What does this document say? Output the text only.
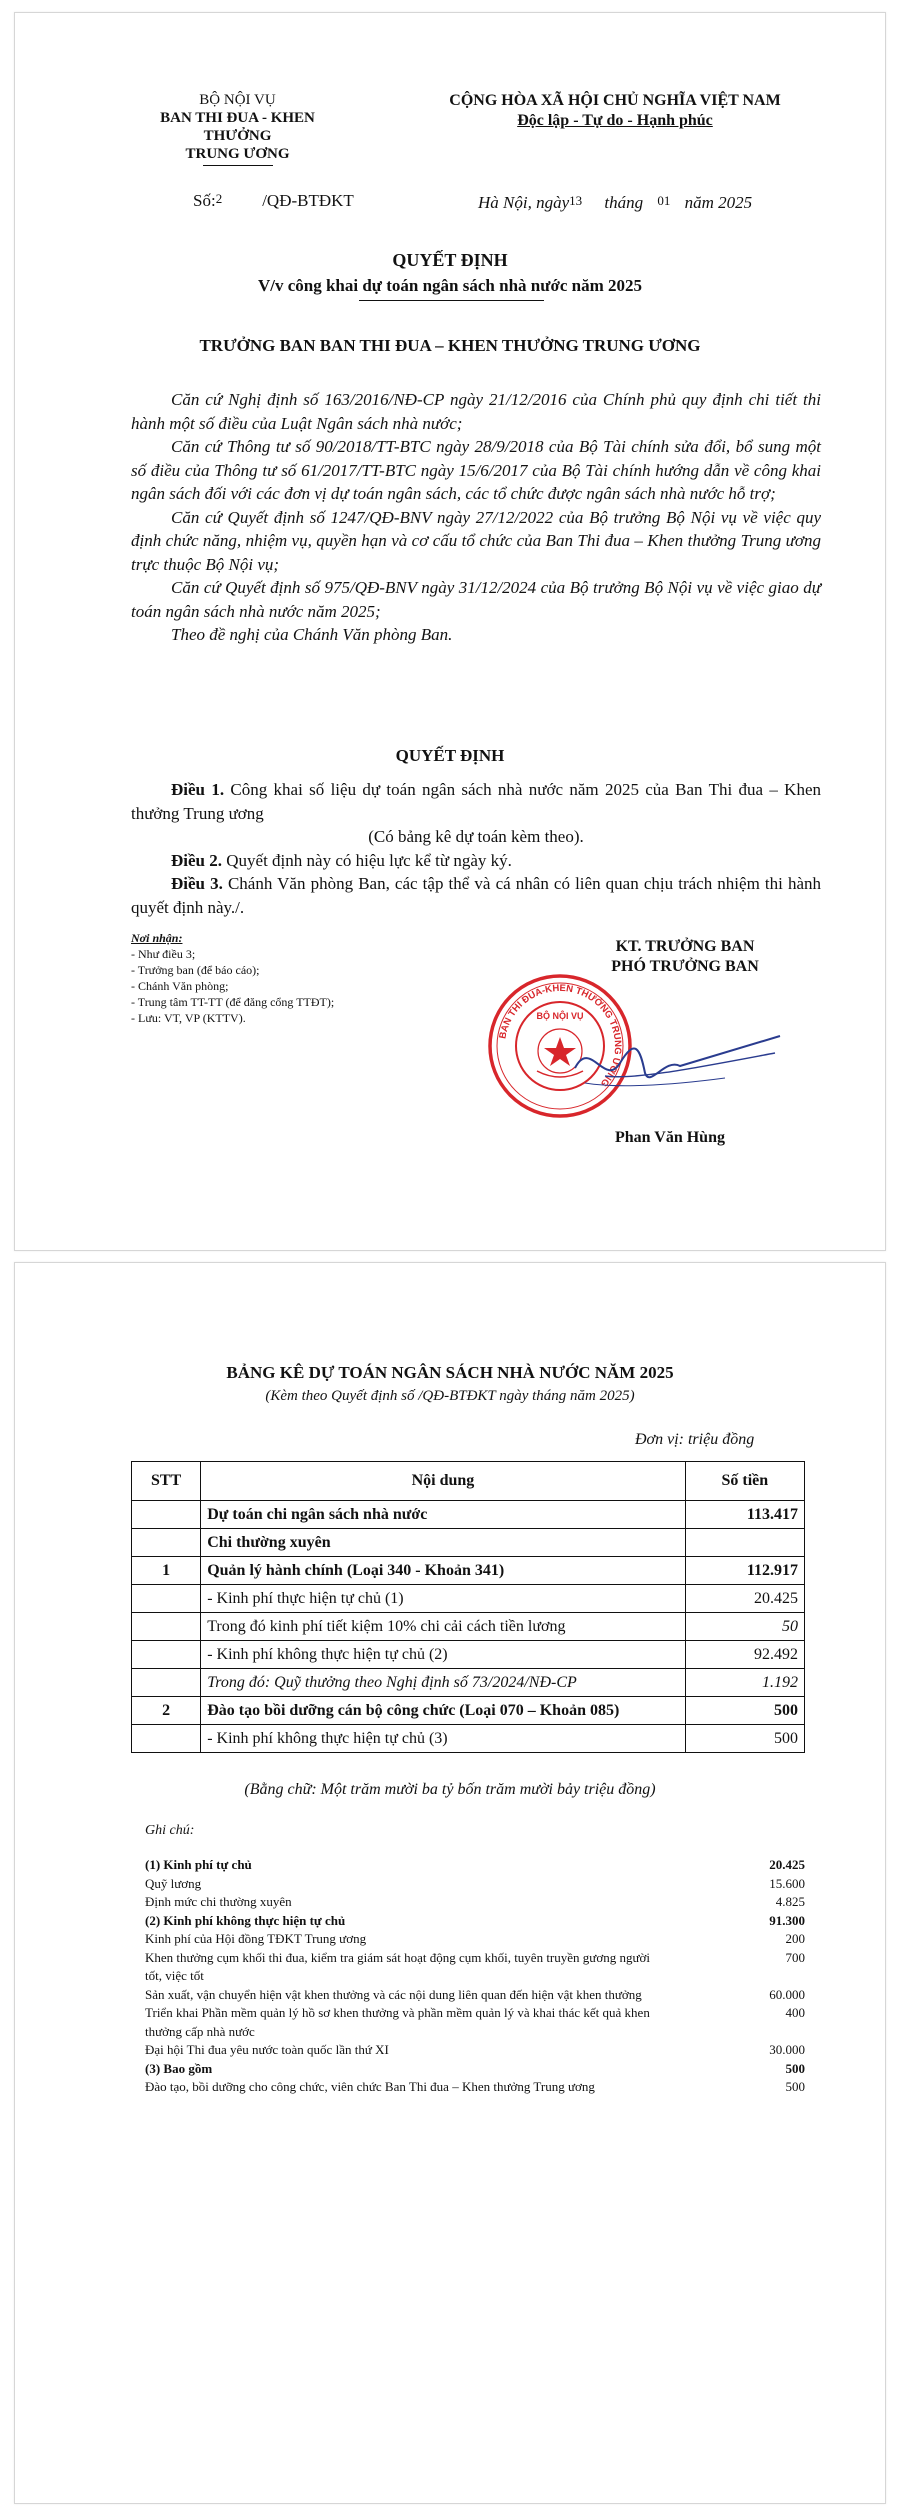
BỘ NỘI VỤ
BAN THI ĐUA - KHEN THƯỞNG
TRUNG ƯƠNG
CỘNG HÒA XÃ HỘI CHỦ NGHĨA VIỆT NAM
Độc lập - Tự do - Hạnh phúc
Số:2 /QĐ-BTĐKT	Hà Nội, ngày13 tháng 01 năm 2025
QUYẾT ĐỊNH
V/v công khai dự toán ngân sách nhà nước năm 2025
TRƯỞNG BAN BAN THI ĐUA – KHEN THƯỞNG TRUNG ƯƠNG

Căn cứ Nghị định số 163/2016/NĐ-CP ngày 21/12/2016 của Chính phủ quy định chi tiết thi hành một số điều của Luật Ngân sách nhà nước;

Căn cứ Thông tư số 90/2018/TT-BTC ngày 28/9/2018 của Bộ Tài chính sửa đổi, bổ sung một số điều của Thông tư số 61/2017/TT-BTC ngày 15/6/2017 của Bộ Tài chính hướng dẫn về công khai ngân sách đối với các đơn vị dự toán ngân sách, các tổ chức được ngân sách nhà nước hỗ trợ;

Căn cứ Quyết định số 1247/QĐ-BNV ngày 27/12/2022 của Bộ trưởng Bộ Nội vụ về việc quy định chức năng, nhiệm vụ, quyền hạn và cơ cấu tổ chức của Ban Thi đua – Khen thưởng Trung ương trực thuộc Bộ Nội vụ;

Căn cứ Quyết định số 975/QĐ-BNV ngày 31/12/2024 của Bộ trưởng Bộ Nội vụ về việc giao dự toán ngân sách nhà nước năm 2025;

Theo đề nghị của Chánh Văn phòng Ban.

QUYẾT ĐỊNH

Điều 1. Công khai số liệu dự toán ngân sách nhà nước năm 2025 của Ban Thi đua – Khen thưởng Trung ương

(Có bảng kê dự toán kèm theo).

Điều 2. Quyết định này có hiệu lực kể từ ngày ký.

Điều 3. Chánh Văn phòng Ban, các tập thể và cá nhân có liên quan chịu trách nhiệm thi hành quyết định này./.

Nơi nhận:
- Như điều 3;
- Trưởng ban (để báo cáo);
- Chánh Văn phòng;
- Trung tâm TT-TT (để đăng cổng TTĐT);
- Lưu: VT, VP (KTTV).
KT. TRƯỞNG BAN
PHÓ TRƯỞNG BAN
BAN THI ĐUA-KHEN THƯỞNG TRUNG ƯƠNG
BỘ NỘI VỤ
Phan Văn Hùng
BẢNG KÊ DỰ TOÁN NGÂN SÁCH NHÀ NƯỚC NĂM 2025
(Kèm theo Quyết định số /QĐ-BTĐKT ngày tháng năm 2025)
Đơn vị: triệu đồng
STT	Nội dung	Số tiền
	Dự toán chi ngân sách nhà nước	113.417
	Chi thường xuyên	
1	Quản lý hành chính (Loại 340 - Khoản 341)	112.917
	- Kinh phí thực hiện tự chủ (1)	20.425
	Trong đó kinh phí tiết kiệm 10% chi cải cách tiền lương	50
	- Kinh phí không thực hiện tự chủ (2)	92.492
	Trong đó: Quỹ thưởng theo Nghị định số 73/2024/NĐ-CP	1.192
2	Đào tạo bồi dưỡng cán bộ công chức (Loại 070 – Khoản 085)	500
	- Kinh phí không thực hiện tự chủ (3)	500
(Bằng chữ: Một trăm mười ba tỷ bốn trăm mười bảy triệu đồng)
Ghi chú:
(1) Kinh phí tự chủ	20.425
Quỹ lương	15.600
Định mức chi thường xuyên	4.825
(2) Kinh phí không thực hiện tự chủ	91.300
Kinh phí của Hội đồng TĐKT Trung ương	200
Khen thưởng cụm khối thi đua, kiểm tra giám sát hoạt động cụm khối, tuyên truyền gương người tốt, việc tốt	700
Sản xuất, vận chuyển hiện vật khen thưởng và các nội dung liên quan đến hiện vật khen thưởng	60.000
Triển khai Phần mềm quản lý hồ sơ khen thưởng và phần mềm quản lý và khai thác kết quả khen thưởng cấp nhà nước	400
Đại hội Thi đua yêu nước toàn quốc lần thứ XI	30.000
(3) Bao gồm	500
Đào tạo, bồi dưỡng cho công chức, viên chức Ban Thi đua – Khen thưởng Trung ương	500
